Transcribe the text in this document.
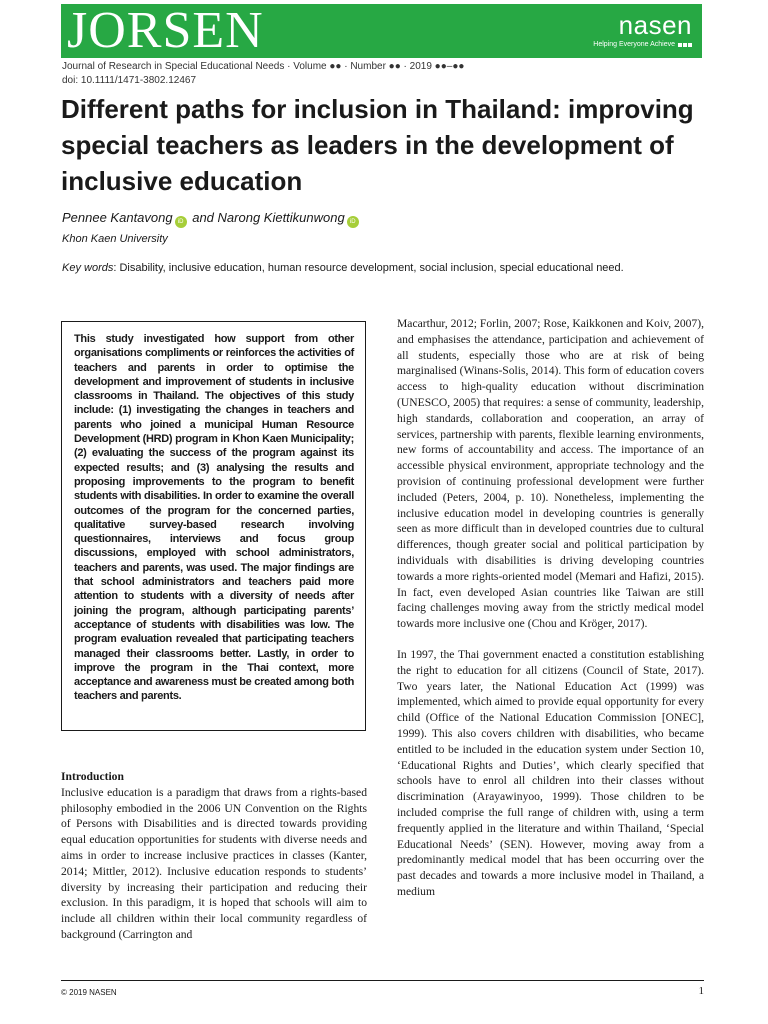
JORSEN	nasen
Helping Everyone Achieve
Journal of Research in Special Educational Needs · Volume ●● · Number ●● · 2019 ●●–●●
doi: 10.1111/1471-3802.12467
Different paths for inclusion in Thailand: improving special teachers as leaders in the development of inclusive education
Pennee Kantavong iD and Narong Kiettikunwong iD
Khon Kaen University
Key words: Disability, inclusive education, human resource development, social inclusion, special educational need.

This study investigated how support from other organisations compliments or reinforces the activities of teachers and parents in order to optimise the development and improvement of students in inclusive classrooms in Thailand. The objectives of this study include: (1) investigating the changes in teachers and parents who joined a municipal Human Resource Development (HRD) program in Khon Kaen Municipality; (2) evaluating the success of the program against its expected results; and (3) analysing the results and proposing improvements to the program to benefit students with disabilities. In order to examine the overall outcomes of the program for the concerned parties, qualitative survey-based research involving questionnaires, interviews and focus group discussions, employed with school administrators, teachers and parents, was used. The major findings are that school administrators and teachers paid more attention to students with a diversity of needs after joining the program, although participating parents’ acceptance of students with disabilities was low. The program evaluation revealed that participating teachers managed their classrooms better. Lastly, in order to improve the program in the Thai context, more acceptance and awareness must be created among both teachers and parents.

Introduction

Inclusive education is a paradigm that draws from a rights-based philosophy embodied in the 2006 UN Convention on the Rights of Persons with Disabilities and is directed towards providing equal education opportunities for students with diverse needs and aims in order to increase inclusive practices in classes (Kanter, 2014; Mittler, 2012). Inclusive education responds to students’ diversity by increasing their participation and reducing their exclusion. In this paradigm, it is hoped that schools will aim to include all children within their local community regardless of background (Carrington and

Macarthur, 2012; Forlin, 2007; Rose, Kaikkonen and Koiv, 2007), and emphasises the attendance, participation and achievement of all students, especially those who are at risk of being marginalised (Winans-Solis, 2014). This form of education covers access to high-quality education without discrimination (UNESCO, 2005) that requires: a sense of community, leadership, high standards, collaboration and cooperation, an array of services, partnership with parents, flexible learning environments, new forms of accountability and access. The importance of an accessible physical environment, appropriate technology and the provision of continuing professional development were further included (Peters, 2004, p. 10). Nonetheless, implementing the inclusive education model in developing countries is generally seen as more difficult than in developed countries due to cultural differences, though greater social and political participation by individuals with disabilities is driving developing countries towards a more rights-oriented model (Memari and Hafizi, 2015). In fact, even developed Asian countries like Taiwan are still facing challenges moving away from the strictly medical model towards more inclusive one (Chou and Kröger, 2017).

In 1997, the Thai government enacted a constitution establishing the right to education for all citizens (Council of State, 2017). Two years later, the National Education Act (1999) was implemented, which aimed to provide equal opportunity for every child (Office of the National Education Commission [ONEC], 1999). This also covers children with disabilities, who became entitled to be included in the education system under Section 10, ‘Educational Rights and Duties’, which clearly specified that schools have to enrol all children into their classes without discrimination (Arayawinyoo, 1999). Those children to be included comprise the full range of children with, using a term frequently applied in the literature and within Thailand, ‘Special Educational Needs’ (SEN). However, moving away from a predominantly medical model that has been occurring over the past decades and towards a more inclusive model in Thailand, a medium

© 2019 NASEN	1
